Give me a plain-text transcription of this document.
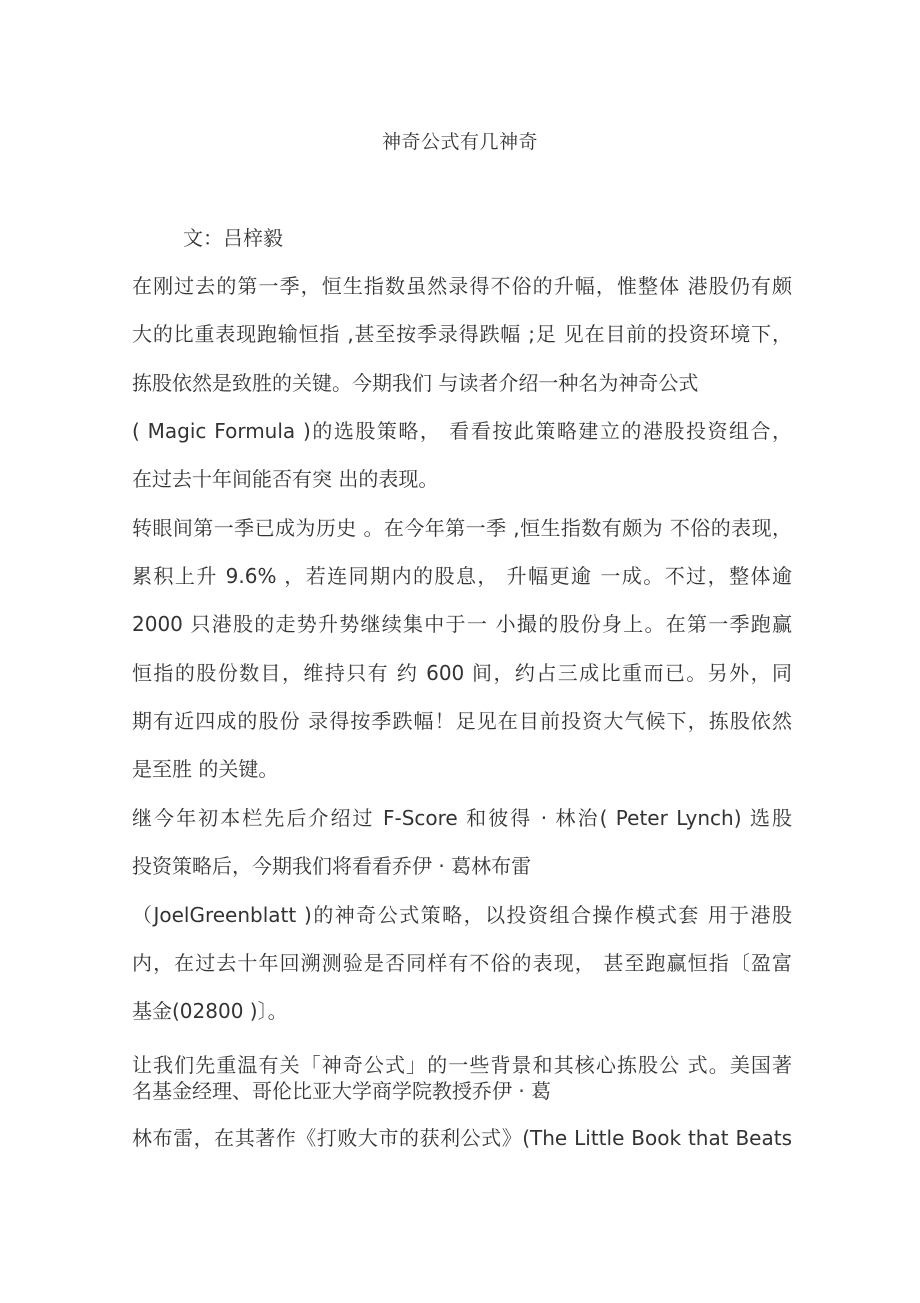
神奇公式有几神奇
文：吕梓毅
在刚过去的第一季，恒生指数虽然录得不俗的升幅，惟整体 港股仍有颇
大的比重表现跑输恒指 ,甚至按季录得跌幅 ;足 见在目前的投资环境下，
拣股依然是致胜的关键。今期我们 与读者介绍一种名为神奇公式
( Magic Formula )的选股策略， 看看按此策略建立的港股投资组合，
在过去十年间能否有突 出的表现。
转眼间第一季已成为历史 。在今年第一季 ,恒生指数有颇为 不俗的表现，
累积上升 9.6% ，若连同期内的股息， 升幅更逾 一成。不过，整体逾
2000 只港股的走势升势继续集中于一 小撮的股份身上。在第一季跑赢
恒指的股份数目，维持只有 约 600 间，约占三成比重而已。另外，同
期有近四成的股份 录得按季跌幅！足见在目前投资大气候下，拣股依然
是至胜 的关键。
继今年初本栏先后介绍过 F-Score 和彼得 · 林治( Peter Lynch) 选股
投资策略后，今期我们将看看乔伊 · 葛林布雷
（JoelGreenblatt )的神奇公式策略，以投资组合操作模式套 用于港股
内，在过去十年回溯测验是否同样有不俗的表现， 甚至跑赢恒指〔盈富
基金(02800 )〕。
让我们先重温有关「神奇公式」的一些背景和其核心拣股公 式。美国著
名基金经理、哥伦比亚大学商学院教授乔伊 · 葛
林布雷，在其著作《打败大市的获利公式》(The Little Book that Beats
